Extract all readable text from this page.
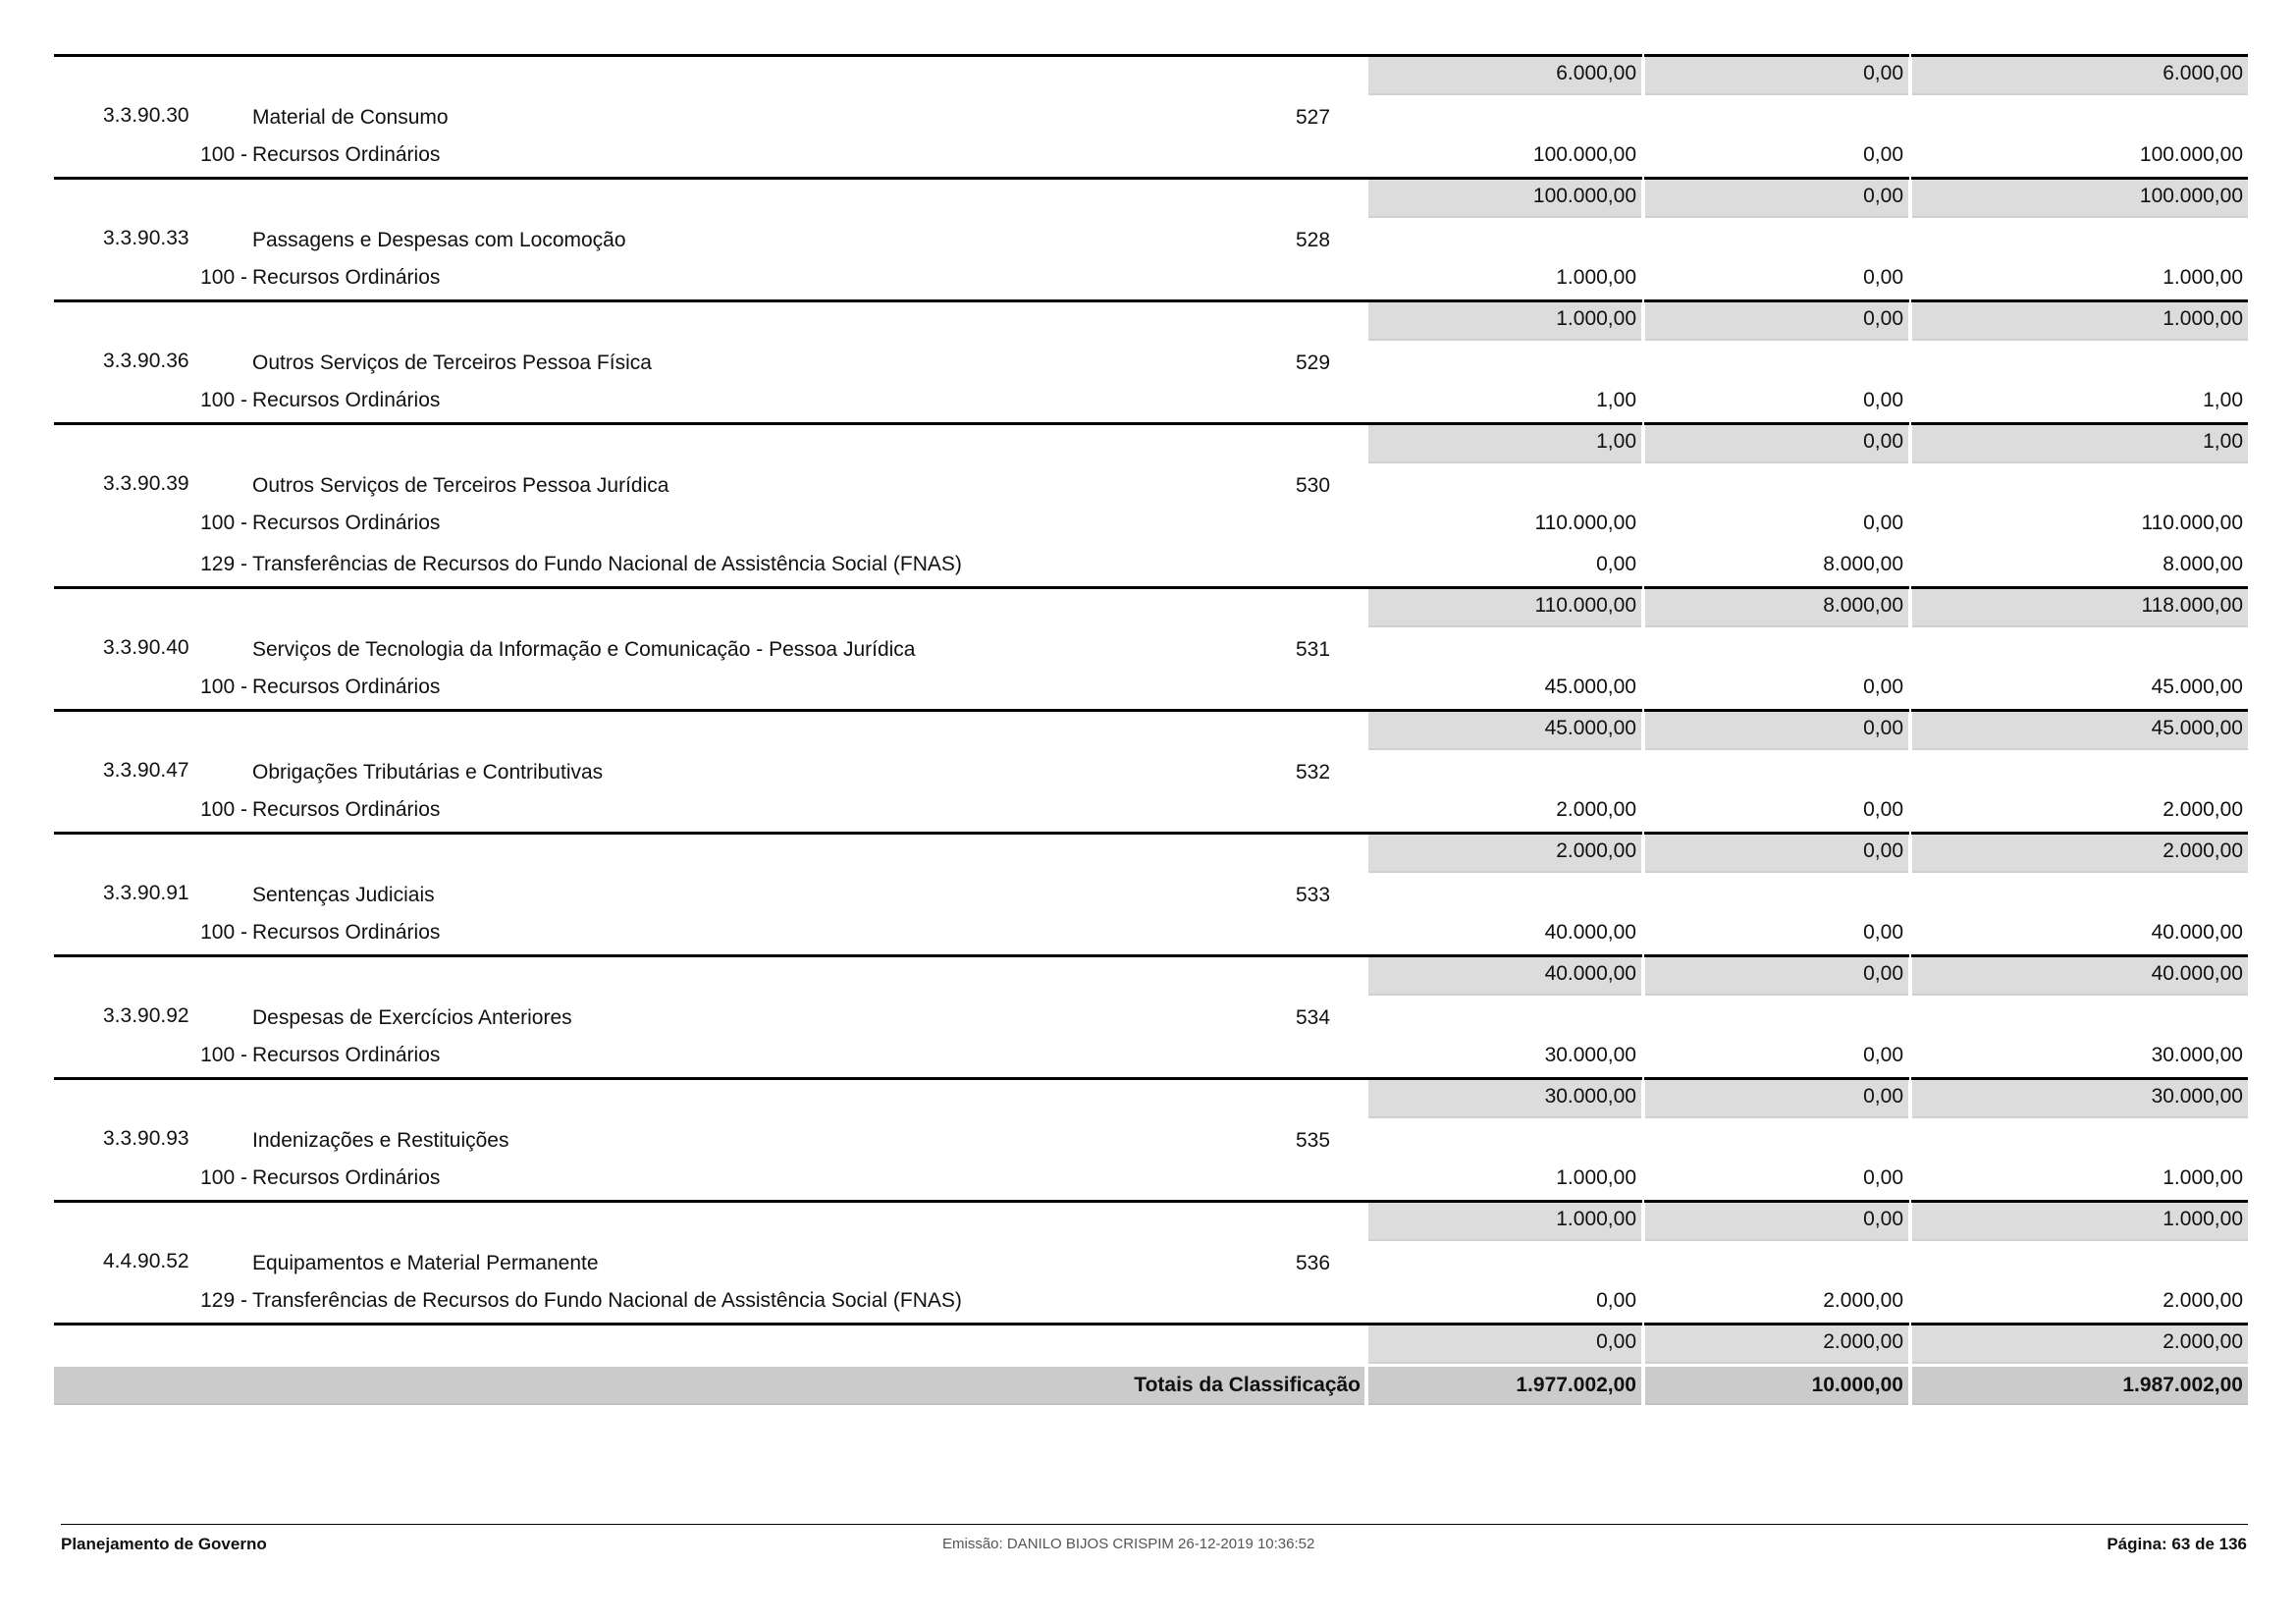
6.000,00	0,00	6.000,00
3.3.90.30	Material de Consumo	527
100 - Recursos Ordinários	100.000,00	0,00	100.000,00
100.000,00	0,00	100.000,00
3.3.90.33	Passagens e Despesas com Locomoção	528
100 - Recursos Ordinários	1.000,00	0,00	1.000,00
1.000,00	0,00	1.000,00
3.3.90.36	Outros Serviços de Terceiros Pessoa Física	529
100 - Recursos Ordinários	1,00	0,00	1,00
1,00	0,00	1,00
3.3.90.39	Outros Serviços de Terceiros Pessoa Jurídica	530
100 - Recursos Ordinários	110.000,00	0,00	110.000,00
129 - Transferências de Recursos do Fundo Nacional de Assistência Social (FNAS)	0,00	8.000,00	8.000,00
110.000,00	8.000,00	118.000,00
3.3.90.40	Serviços de Tecnologia da Informação e Comunicação - Pessoa Jurídica	531
100 - Recursos Ordinários	45.000,00	0,00	45.000,00
45.000,00	0,00	45.000,00
3.3.90.47	Obrigações Tributárias e Contributivas	532
100 - Recursos Ordinários	2.000,00	0,00	2.000,00
2.000,00	0,00	2.000,00
3.3.90.91	Sentenças Judiciais	533
100 - Recursos Ordinários	40.000,00	0,00	40.000,00
40.000,00	0,00	40.000,00
3.3.90.92	Despesas de Exercícios Anteriores	534
100 - Recursos Ordinários	30.000,00	0,00	30.000,00
30.000,00	0,00	30.000,00
3.3.90.93	Indenizações e Restituições	535
100 - Recursos Ordinários	1.000,00	0,00	1.000,00
1.000,00	0,00	1.000,00
4.4.90.52	Equipamentos e Material Permanente	536
129 - Transferências de Recursos do Fundo Nacional de Assistência Social (FNAS)	0,00	2.000,00	2.000,00
0,00	2.000,00	2.000,00
Totais da Classificação	1.977.002,00	10.000,00	1.987.002,00
Planejamento de Governo	Emissão: DANILO BIJOS CRISPIM 26-12-2019 10:36:52	Página: 63 de 136
